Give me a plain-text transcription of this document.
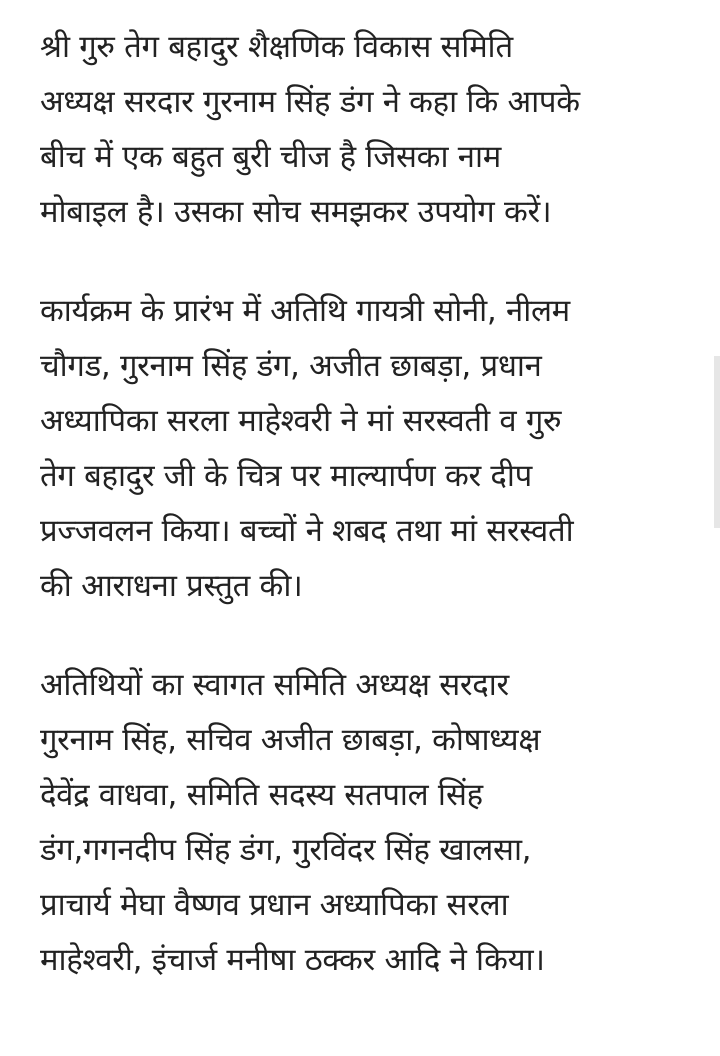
श्री गुरु तेग बहादुर शैक्षणिक विकास समिति
अध्यक्ष सरदार गुरनाम सिंह डंग ने कहा कि आपके
बीच में एक बहुत बुरी चीज है जिसका नाम
मोबाइल है। उसका सोच समझकर उपयोग करें।
कार्यक्रम के प्रारंभ में अतिथि गायत्री सोनी, नीलम
चौगड, गुरनाम सिंह डंग, अजीत छाबड़ा, प्रधान
अध्यापिका सरला माहेश्वरी ने मां सरस्वती व गुरु
तेग बहादुर जी के चित्र पर माल्यार्पण कर दीप
प्रज्जवलन किया। बच्चों ने शबद तथा मां सरस्वती
की आराधना प्रस्तुत की।
अतिथियों का स्वागत समिति अध्यक्ष सरदार
गुरनाम सिंह, सचिव अजीत छाबड़ा, कोषाध्यक्ष
देवेंद्र वाधवा, समिति सदस्य सतपाल सिंह
डंग,गगनदीप सिंह डंग, गुरविंदर सिंह खालसा,
प्राचार्य मेघा वैष्णव प्रधान अध्यापिका सरला
माहेश्वरी, इंचार्ज मनीषा ठक्कर आदि ने किया।
